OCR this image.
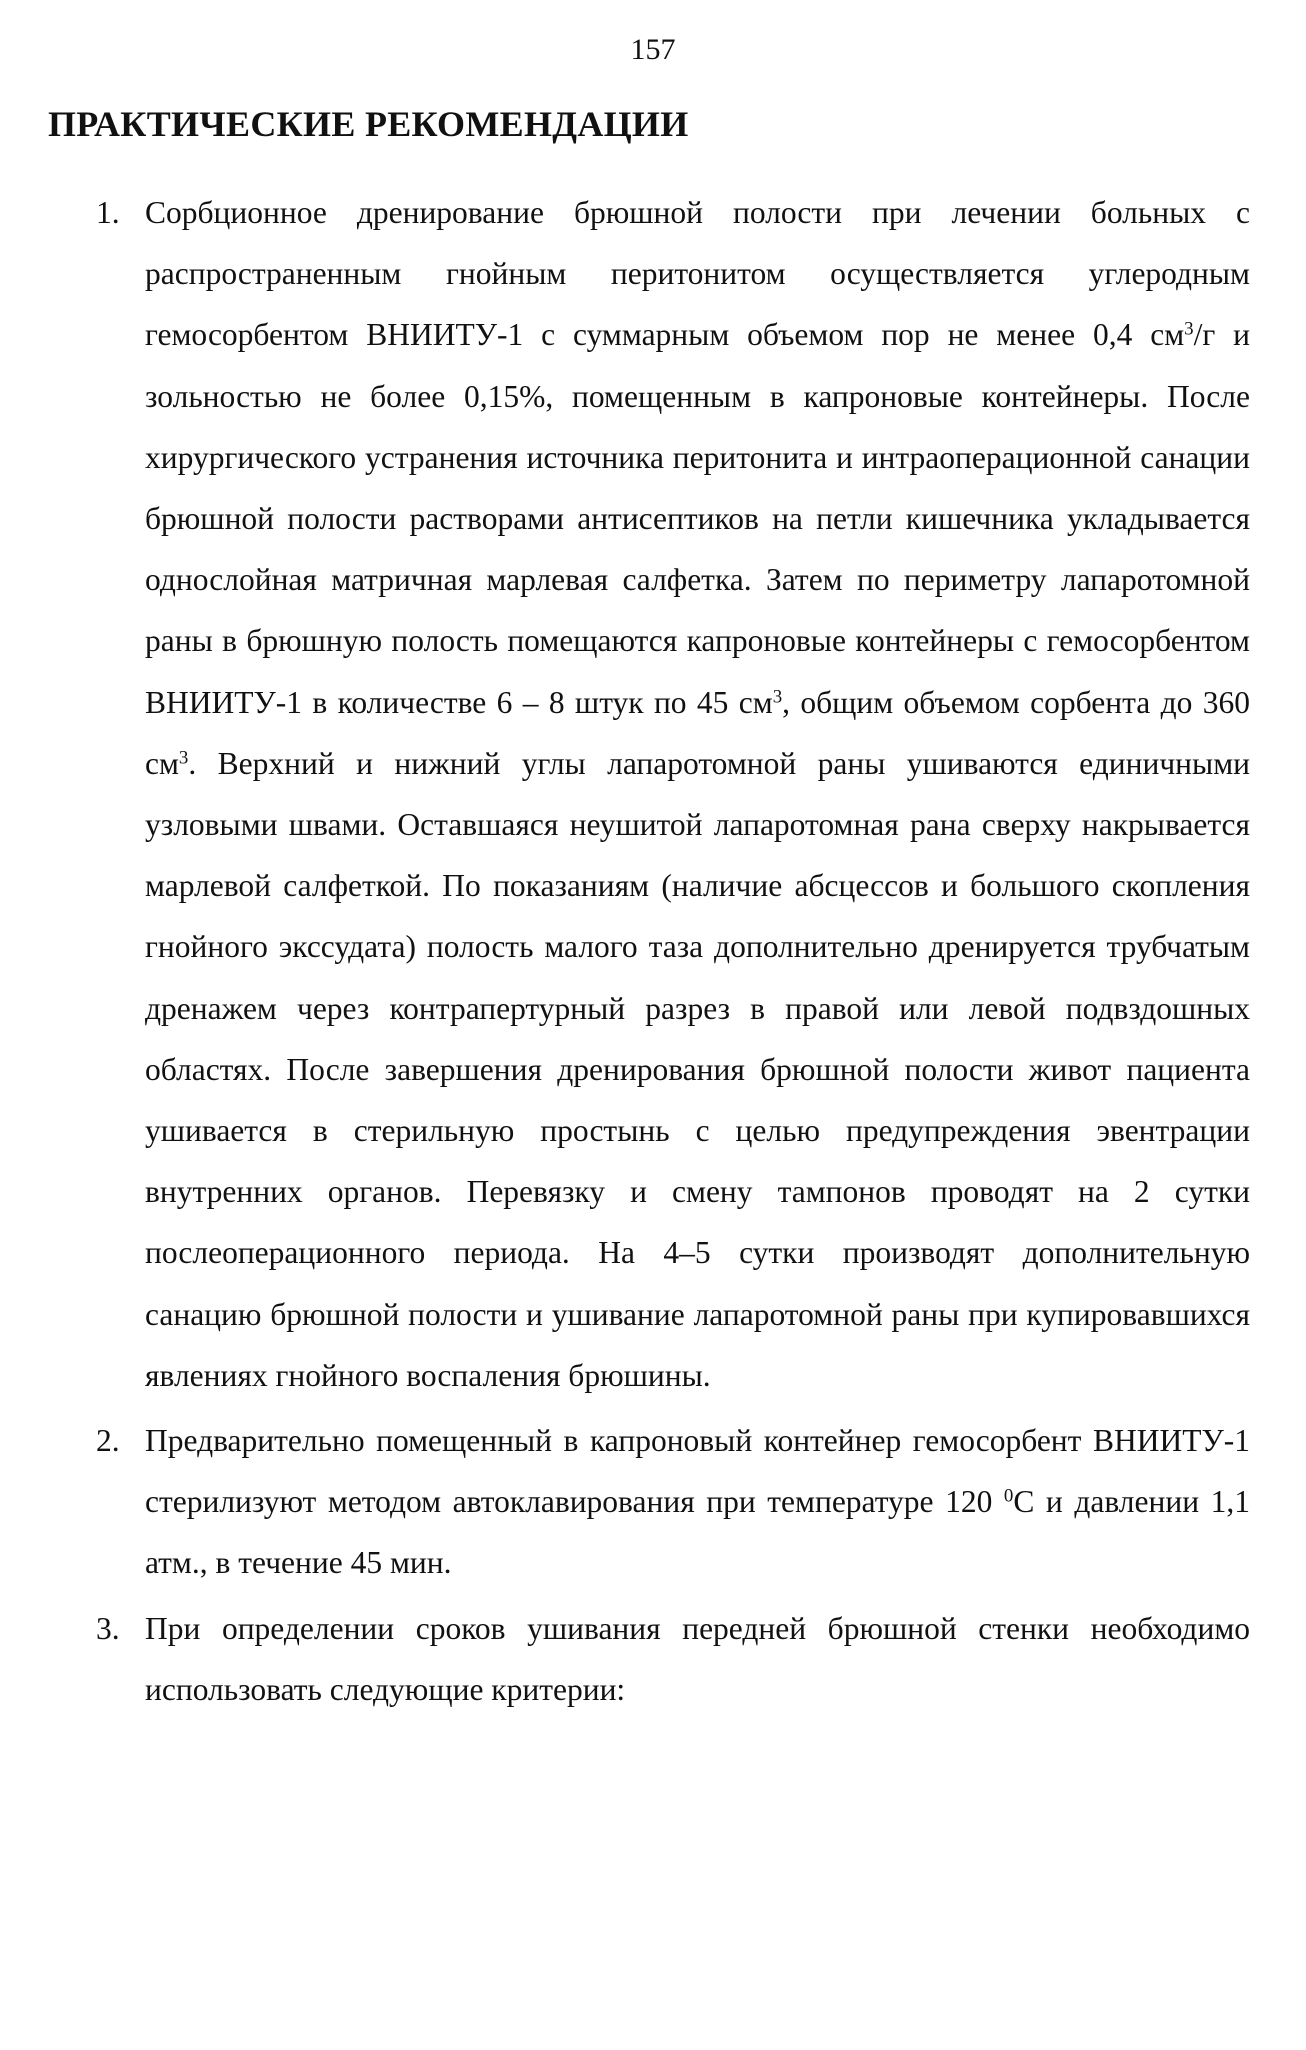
157
ПРАКТИЧЕСКИЕ РЕКОМЕНДАЦИИ
1. Сорбционное дренирование брюшной полости при лечении больных с распространенным гнойным перитонитом осуществляется углеродным гемосорбентом ВНИИТУ-1 с суммарным объемом пор не менее 0,4 $см^3/г$ и зольностью не более 0,15%, помещенным в капроновые контейнеры. После хирургического устранения источника перитонита и интраоперационной санации брюшной полости растворами антисептиков на петли кишечника укладывается однослойная матричная марлевая салфетка. Затем по периметру лапаротомной раны в брюшную полость помещаются капроновые контейнеры с гемосорбентом ВНИИТУ-1 в количестве 6 – 8 штук по 45 $см^3$, общим объемом сорбента до 360 $см^3$. Верхний и нижний углы лапаротомной раны ушиваются единичными узловыми швами. Оставшаяся неушитой лапаротомная рана сверху накрывается марлевой салфеткой. По показаниям (наличие абсцессов и большого скопления гнойного экссудата) полость малого таза дополнительно дренируется трубчатым дренажем через контрапертурный разрез в правой или левой подвздошных областях. После завершения дренирования брюшной полости живот пациента ушивается в стерильную простынь с целью предупреждения эвентрации внутренних органов. Перевязку и смену тампонов проводят на 2 сутки послеоперационного периода. На 4–5 сутки производят дополнительную санацию брюшной полости и ушивание лапаротомной раны при купировавшихся явлениях гнойного воспаления брюшины.
2. Предварительно помещенный в капроновый контейнер гемосорбент ВНИИТУ-1 стерилизуют методом автоклавирования при температуре 120 $^0$С и давлении 1,1 атм., в течение 45 мин.
3. При определении сроков ушивания передней брюшной стенки необходимо использовать следующие критерии:
